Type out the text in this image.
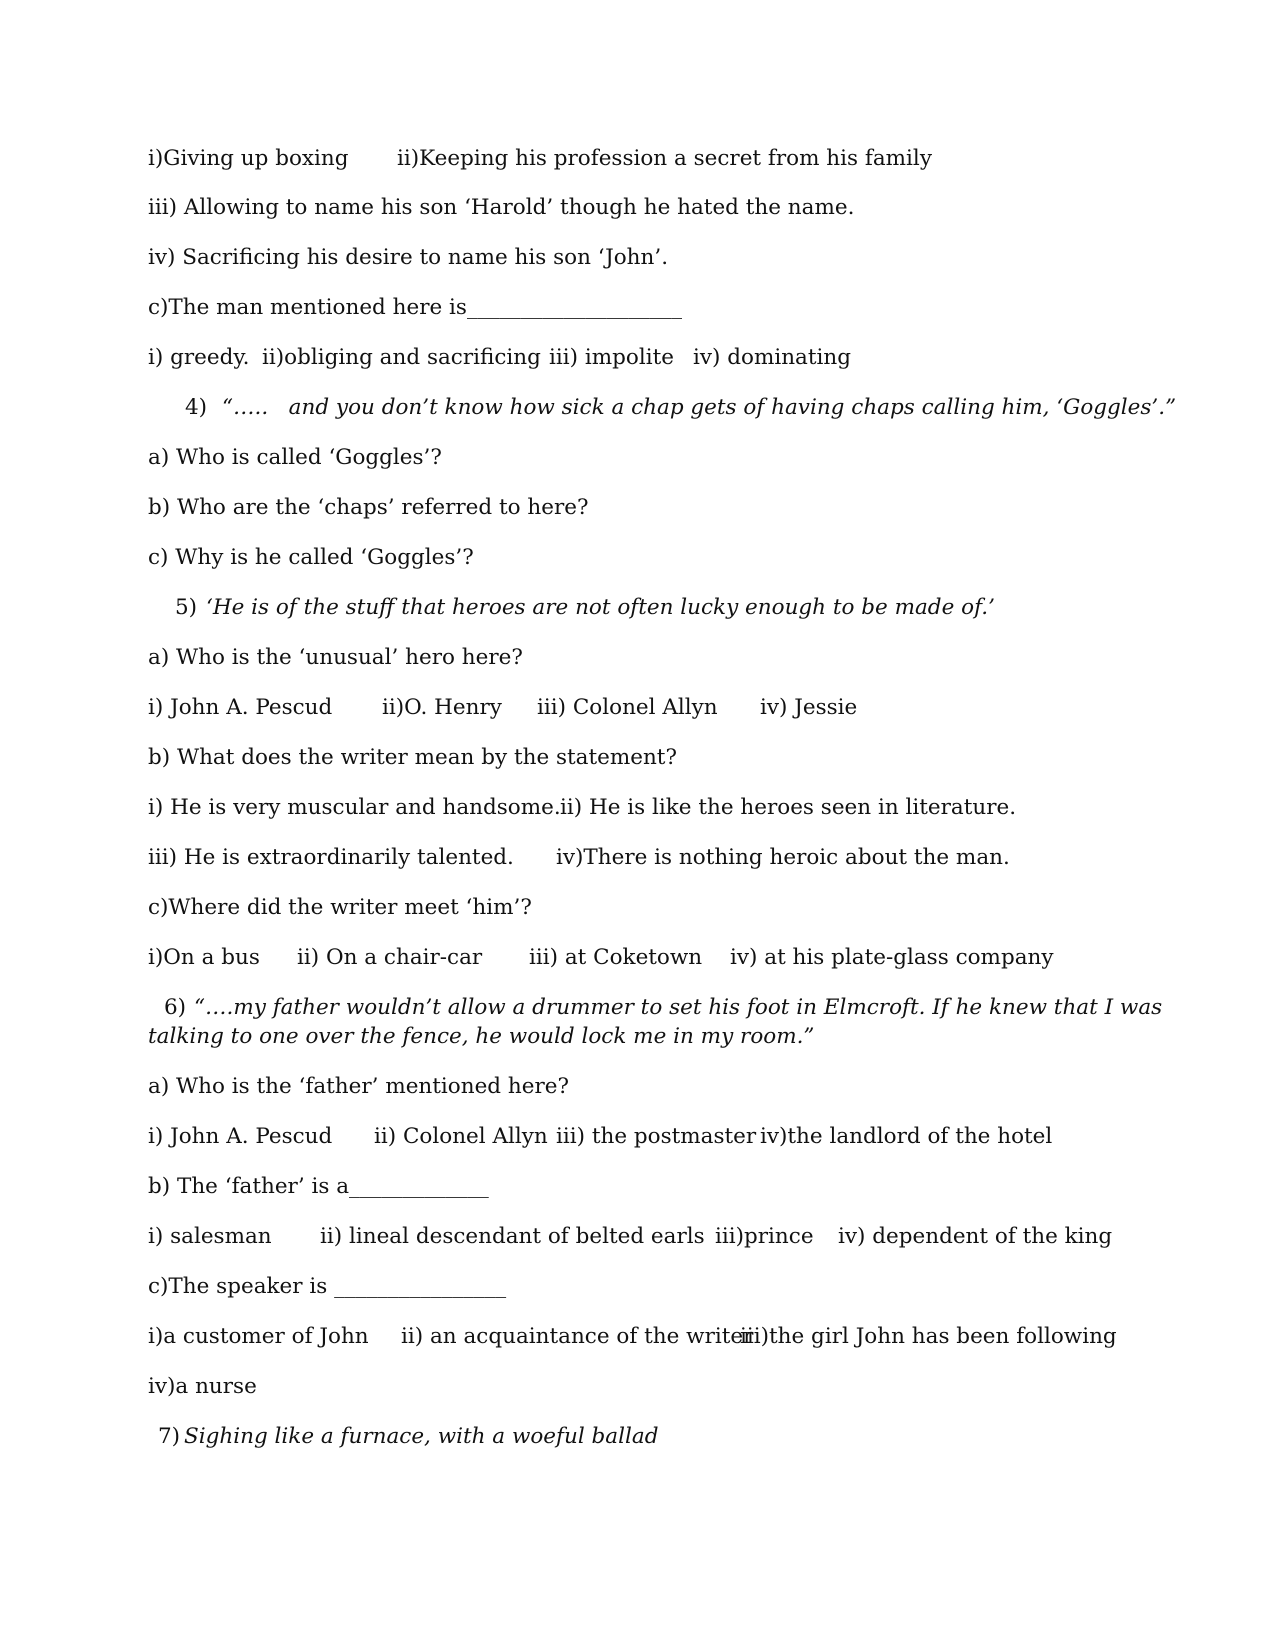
i)Giving up boxing ii)Keeping his profession a secret from his family
iii) Allowing to name his son ‘Harold’ though he hated the name.
iv) Sacrificing his desire to name his son ‘John’.
c)The man mentioned here is____________________
i) greedy. ii)obliging and sacrificing iii) impolite iv) dominating
4) “…..   and you don’t know how sick a chap gets of having chaps calling him, ‘Goggles’.”
a) Who is called ‘Goggles’?
b) Who are the ‘chaps’ referred to here?
c) Why is he called ‘Goggles’?
5) ‘He is of the stuff that heroes are not often lucky enough to be made of.’
a) Who is the ‘unusual’ hero here?
i) John A. Pescud ii)O. Henry iii) Colonel Allyn iv) Jessie
b) What does the writer mean by the statement?
i) He is very muscular and handsome. ii) He is like the heroes seen in literature.
iii) He is extraordinarily talented. iv)There is nothing heroic about the man.
c)Where did the writer meet ‘him’?
i)On a bus ii) On a chair-car iii) at Coketown iv) at his plate-glass company
6) “….my father wouldn’t allow a drummer to set his foot in Elmcroft. If he knew that I was
talking to one over the fence, he would lock me in my room.”
a) Who is the ‘father’ mentioned here?
i) John A. Pescud ii) Colonel Allyn iii) the postmaster iv)the landlord of the hotel
b) The ‘father’ is a_____________
i) salesman ii) lineal descendant of belted earls iii)prince iv) dependent of the king
c)The speaker is ________________
i)a customer of John ii) an acquaintance of the writer
iii)the girl John has been following
iv)a nurse
7) Sighing like a furnace, with a woeful ballad
